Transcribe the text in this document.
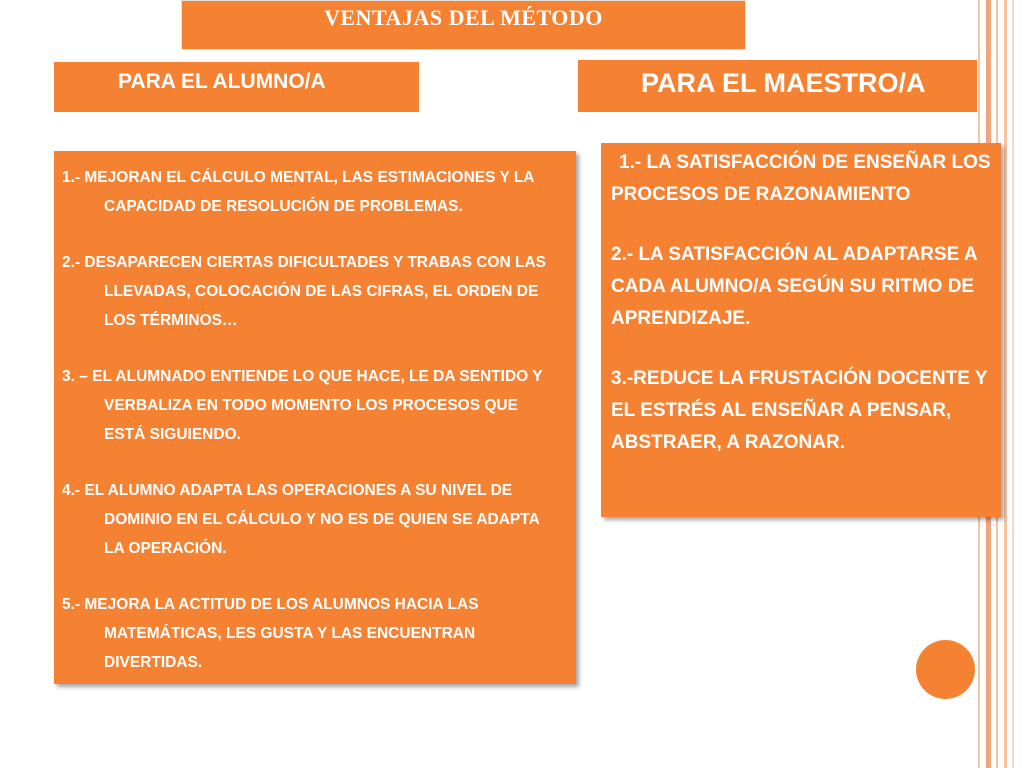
VENTAJAS DEL MÉTODO
PARA EL ALUMNO/A	PARA EL MAESTRO/A
1.- MEJORAN EL CÁLCULO MENTAL, LAS ESTIMACIONES Y LA CAPACIDAD DE RESOLUCIÓN DE PROBLEMAS.
2.- DESAPARECEN CIERTAS DIFICULTADES Y TRABAS CON LAS LLEVADAS, COLOCACIÓN DE LAS CIFRAS, EL ORDEN DE LOS TÉRMINOS…
3. – EL ALUMNADO ENTIENDE LO QUE HACE, LE DA SENTIDO Y VERBALIZA EN TODO MOMENTO LOS PROCESOS QUE ESTÁ SIGUIENDO.
4.- EL ALUMNO ADAPTA LAS OPERACIONES A SU NIVEL DE DOMINIO EN EL CÁLCULO Y NO ES DE QUIEN SE ADAPTA LA OPERACIÓN.
5.- MEJORA LA ACTITUD DE LOS ALUMNOS HACIA LAS MATEMÁTICAS, LES GUSTA Y LAS ENCUENTRAN DIVERTIDAS.
1.- LA SATISFACCIÓN DE ENSEÑAR LOS PROCESOS DE RAZONAMIENTO
2.- LA SATISFACCIÓN AL ADAPTARSE A CADA ALUMNO/A SEGÚN SU RITMO DE APRENDIZAJE.
3.-REDUCE LA FRUSTACIÓN DOCENTE Y EL ESTRÉS AL ENSEÑAR A PENSAR, ABSTRAER, A RAZONAR.
